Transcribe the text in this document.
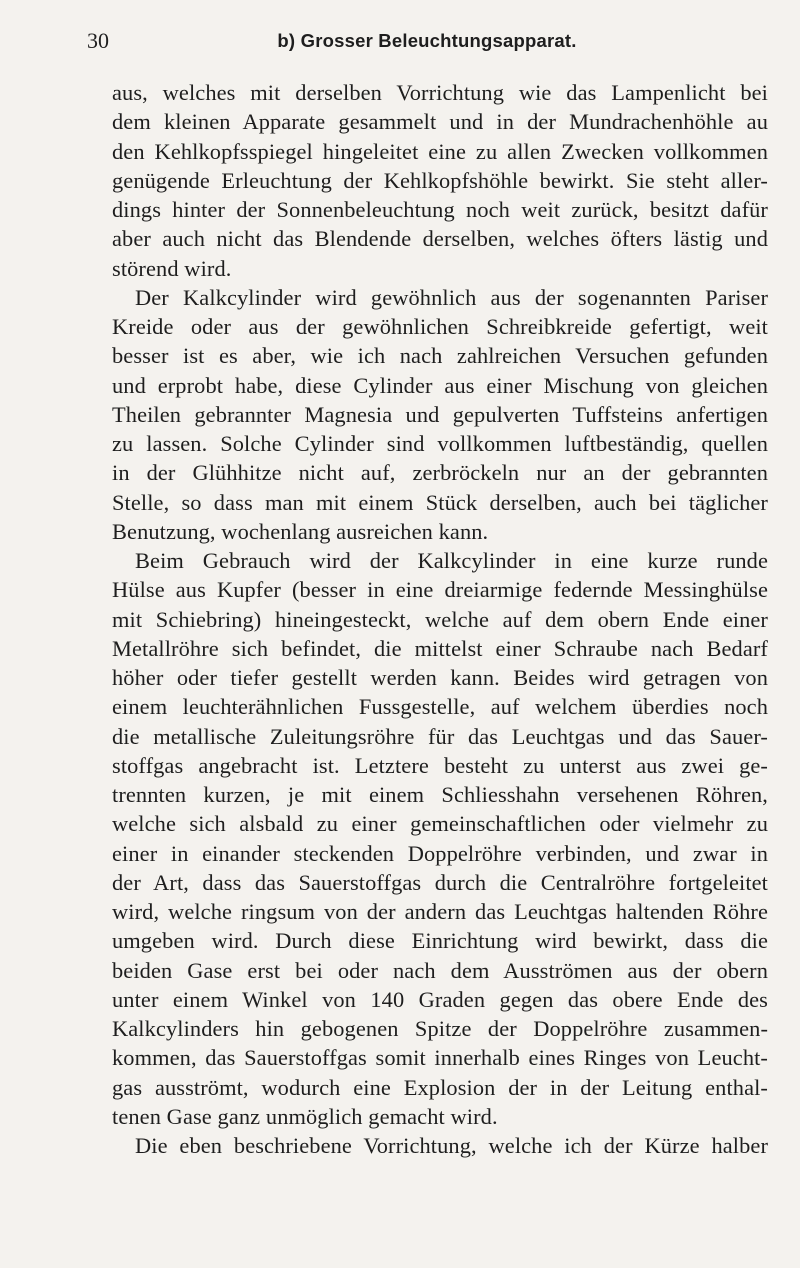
30	b) Grosser Beleuchtungsapparat.
aus, welches mit derselben Vorrichtung wie das Lampenlicht bei
dem kleinen Apparate gesammelt und in der Mundrachenhöhle au
den Kehlkopfsspiegel hingeleitet eine zu allen Zwecken vollkommen
genügende Erleuchtung der Kehlkopfshöhle bewirkt. Sie steht aller-
dings hinter der Sonnenbeleuchtung noch weit zurück, besitzt dafür
aber auch nicht das Blendende derselben, welches öfters lästig und
störend wird.
Der Kalkcylinder wird gewöhnlich aus der sogenannten Pariser
Kreide oder aus der gewöhnlichen Schreibkreide gefertigt, weit
besser ist es aber, wie ich nach zahlreichen Versuchen gefunden
und erprobt habe, diese Cylinder aus einer Mischung von gleichen
Theilen gebrannter Magnesia und gepulverten Tuffsteins anfertigen
zu lassen. Solche Cylinder sind vollkommen luftbeständig, quellen
in der Glühhitze nicht auf, zerbröckeln nur an der gebrannten
Stelle, so dass man mit einem Stück derselben, auch bei täglicher
Benutzung, wochenlang ausreichen kann.
Beim Gebrauch wird der Kalkcylinder in eine kurze runde
Hülse aus Kupfer (besser in eine dreiarmige federnde Messinghülse
mit Schiebring) hineingesteckt, welche auf dem obern Ende einer
Metallröhre sich befindet, die mittelst einer Schraube nach Bedarf
höher oder tiefer gestellt werden kann. Beides wird getragen von
einem leuchterähnlichen Fussgestelle, auf welchem überdies noch
die metallische Zuleitungsröhre für das Leuchtgas und das Sauer-
stoffgas angebracht ist. Letztere besteht zu unterst aus zwei ge-
trennten kurzen, je mit einem Schliesshahn versehenen Röhren,
welche sich alsbald zu einer gemeinschaftlichen oder vielmehr zu
einer in einander steckenden Doppelröhre verbinden, und zwar in
der Art, dass das Sauerstoffgas durch die Centralröhre fortgeleitet
wird, welche ringsum von der andern das Leuchtgas haltenden Röhre
umgeben wird. Durch diese Einrichtung wird bewirkt, dass die
beiden Gase erst bei oder nach dem Ausströmen aus der obern
unter einem Winkel von 140 Graden gegen das obere Ende des
Kalkcylinders hin gebogenen Spitze der Doppelröhre zusammen-
kommen, das Sauerstoffgas somit innerhalb eines Ringes von Leucht-
gas ausströmt, wodurch eine Explosion der in der Leitung enthal-
tenen Gase ganz unmöglich gemacht wird.
Die eben beschriebene Vorrichtung, welche ich der Kürze halber
